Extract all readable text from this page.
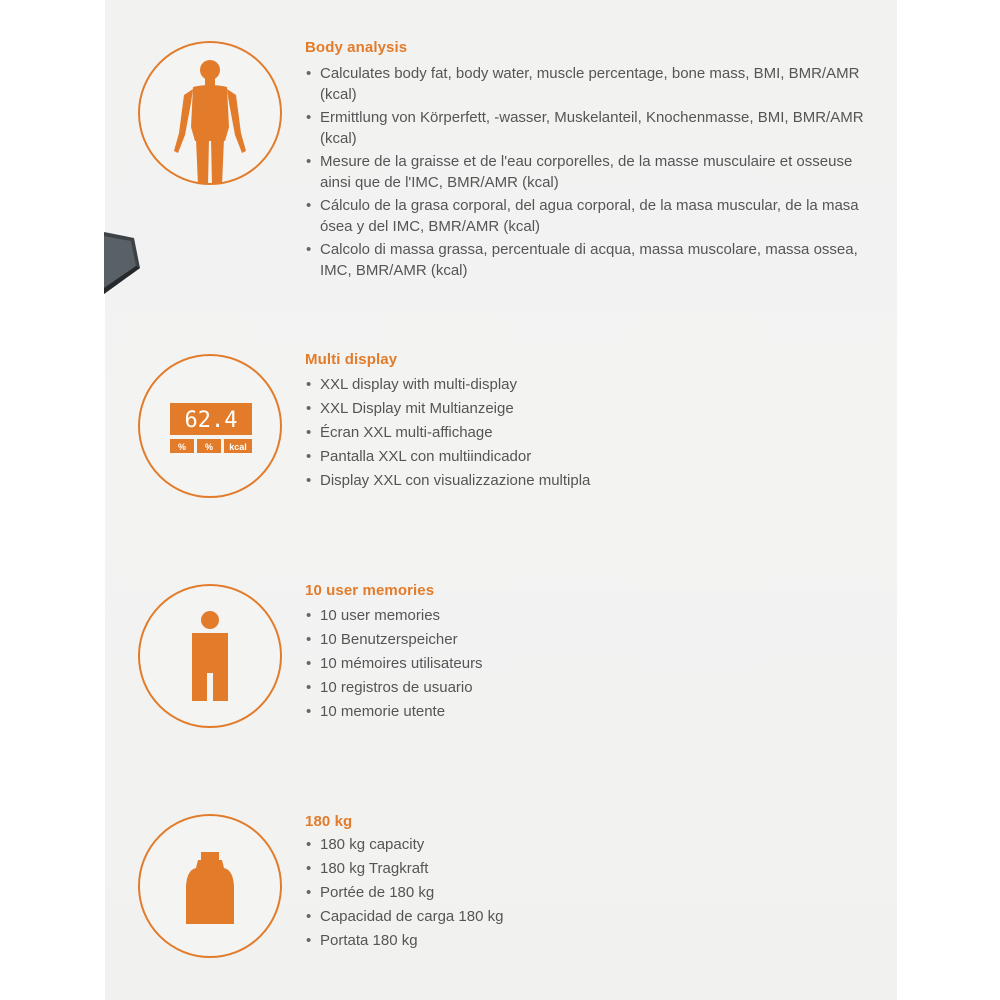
Body analysis
• Calculates body fat, body water, muscle percentage, bone mass, BMI, BMR/AMR (kcal)
• Ermittlung von Körperfett, -wasser, Muskelanteil, Knochenmasse, BMI, BMR/AMR (kcal)
• Mesure de la graisse et de l'eau corporelles, de la masse musculaire et osseuse ainsi que de l'IMC, BMR/AMR (kcal)
• Cálculo de la grasa corporal, del agua corporal, de la masa muscular, de la masa ósea y del IMC, BMR/AMR (kcal)
• Calcolo di massa grassa, percentuale di acqua, massa muscolare, massa ossea, IMC, BMR/AMR (kcal)
62.4
% % kcal
Multi display
• XXL display with multi-display
• XXL Display mit Multianzeige
• Écran XXL multi-affichage
• Pantalla XXL con multiindicador
• Display XXL con visualizzazione multipla
10 user memories
• 10 user memories
• 10 Benutzerspeicher
• 10 mémoires utilisateurs
• 10 registros de usuario
• 10 memorie utente
180 kg
• 180 kg capacity
• 180 kg Tragkraft
• Portée de 180 kg
• Capacidad de carga 180 kg
• Portata 180 kg
